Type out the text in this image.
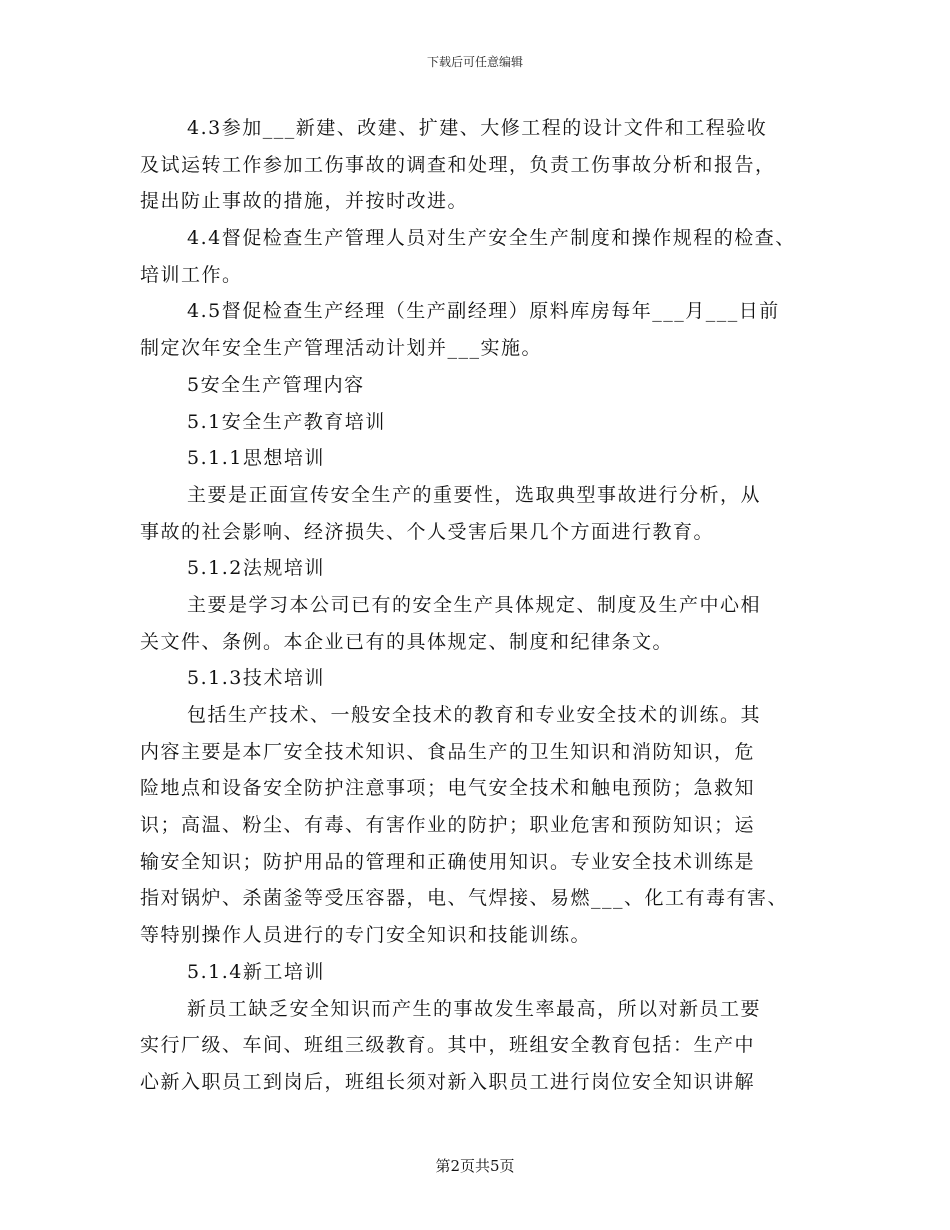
下载后可任意编辑
4.3参加___新建、改建、扩建、大修工程的设计文件和工程验收
及试运转工作参加工伤事故的调查和处理，负责工伤事故分析和报告，
提出防止事故的措施，并按时改进。
4.4督促检查生产管理人员对生产安全生产制度和操作规程的检查、
培训工作。
4.5督促检查生产经理（生产副经理）原料库房每年___月___日前
制定次年安全生产管理活动计划并___实施。
5安全生产管理内容
5.1安全生产教育培训
5.1.1思想培训
主要是正面宣传安全生产的重要性，选取典型事故进行分析，从
事故的社会影响、经济损失、个人受害后果几个方面进行教育。
5.1.2法规培训
主要是学习本公司已有的安全生产具体规定、制度及生产中心相
关文件、条例。本企业已有的具体规定、制度和纪律条文。
5.1.3技术培训
包括生产技术、一般安全技术的教育和专业安全技术的训练。其
内容主要是本厂安全技术知识、食品生产的卫生知识和消防知识，危
险地点和设备安全防护注意事项；电气安全技术和触电预防；急救知
识；高温、粉尘、有毒、有害作业的防护；职业危害和预防知识；运
输安全知识；防护用品的管理和正确使用知识。专业安全技术训练是
指对锅炉、杀菌釜等受压容器，电、气焊接、易燃___、化工有毒有害、
等特别操作人员进行的专门安全知识和技能训练。
5.1.4新工培训
新员工缺乏安全知识而产生的事故发生率最高，所以对新员工要
实行厂级、车间、班组三级教育。其中，班组安全教育包括：生产中
心新入职员工到岗后，班组长须对新入职员工进行岗位安全知识讲解
第2页共5页
